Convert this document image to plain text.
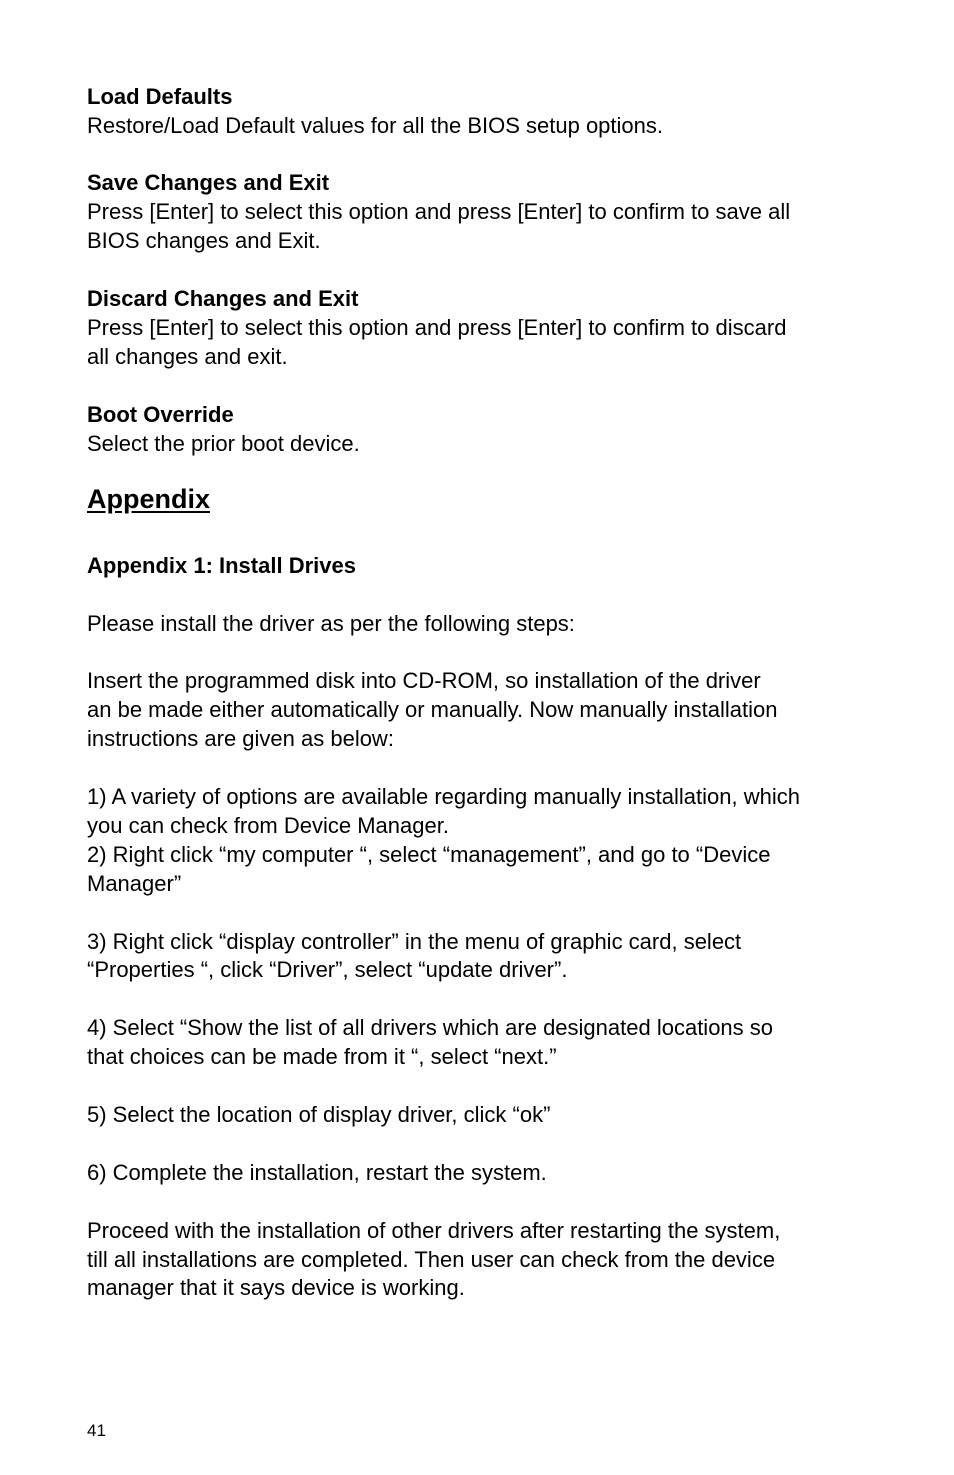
Load Defaults
Restore/Load Default values for all the BIOS setup options.
Save Changes and Exit
Press [Enter] to select this option and press [Enter] to confirm to save all
BIOS changes and Exit.
Discard Changes and Exit
Press [Enter] to select this option and press [Enter] to confirm to discard
all changes and exit.
Boot Override
Select the prior boot device.
Appendix
Appendix 1: Install Drives
Please install the driver as per the following steps:
Insert the programmed disk into CD-ROM, so installation of the driver
an be made either automatically or manually. Now manually installation
instructions are given as below:
1) A variety of options are available regarding manually installation, which
you can check from Device Manager.
2) Right click “my computer “, select “management”, and go to “Device
Manager”
3) Right click “display controller” in the menu of graphic card, select
“Properties “, click “Driver”, select “update driver”.
4) Select “Show the list of all drivers which are designated locations so
that choices can be made from it “, select “next.”
5) Select the location of display driver, click “ok”
6) Complete the installation, restart the system.
Proceed with the installation of other drivers after restarting the system,
till all installations are completed. Then user can check from the device
manager that it says device is working.
41
